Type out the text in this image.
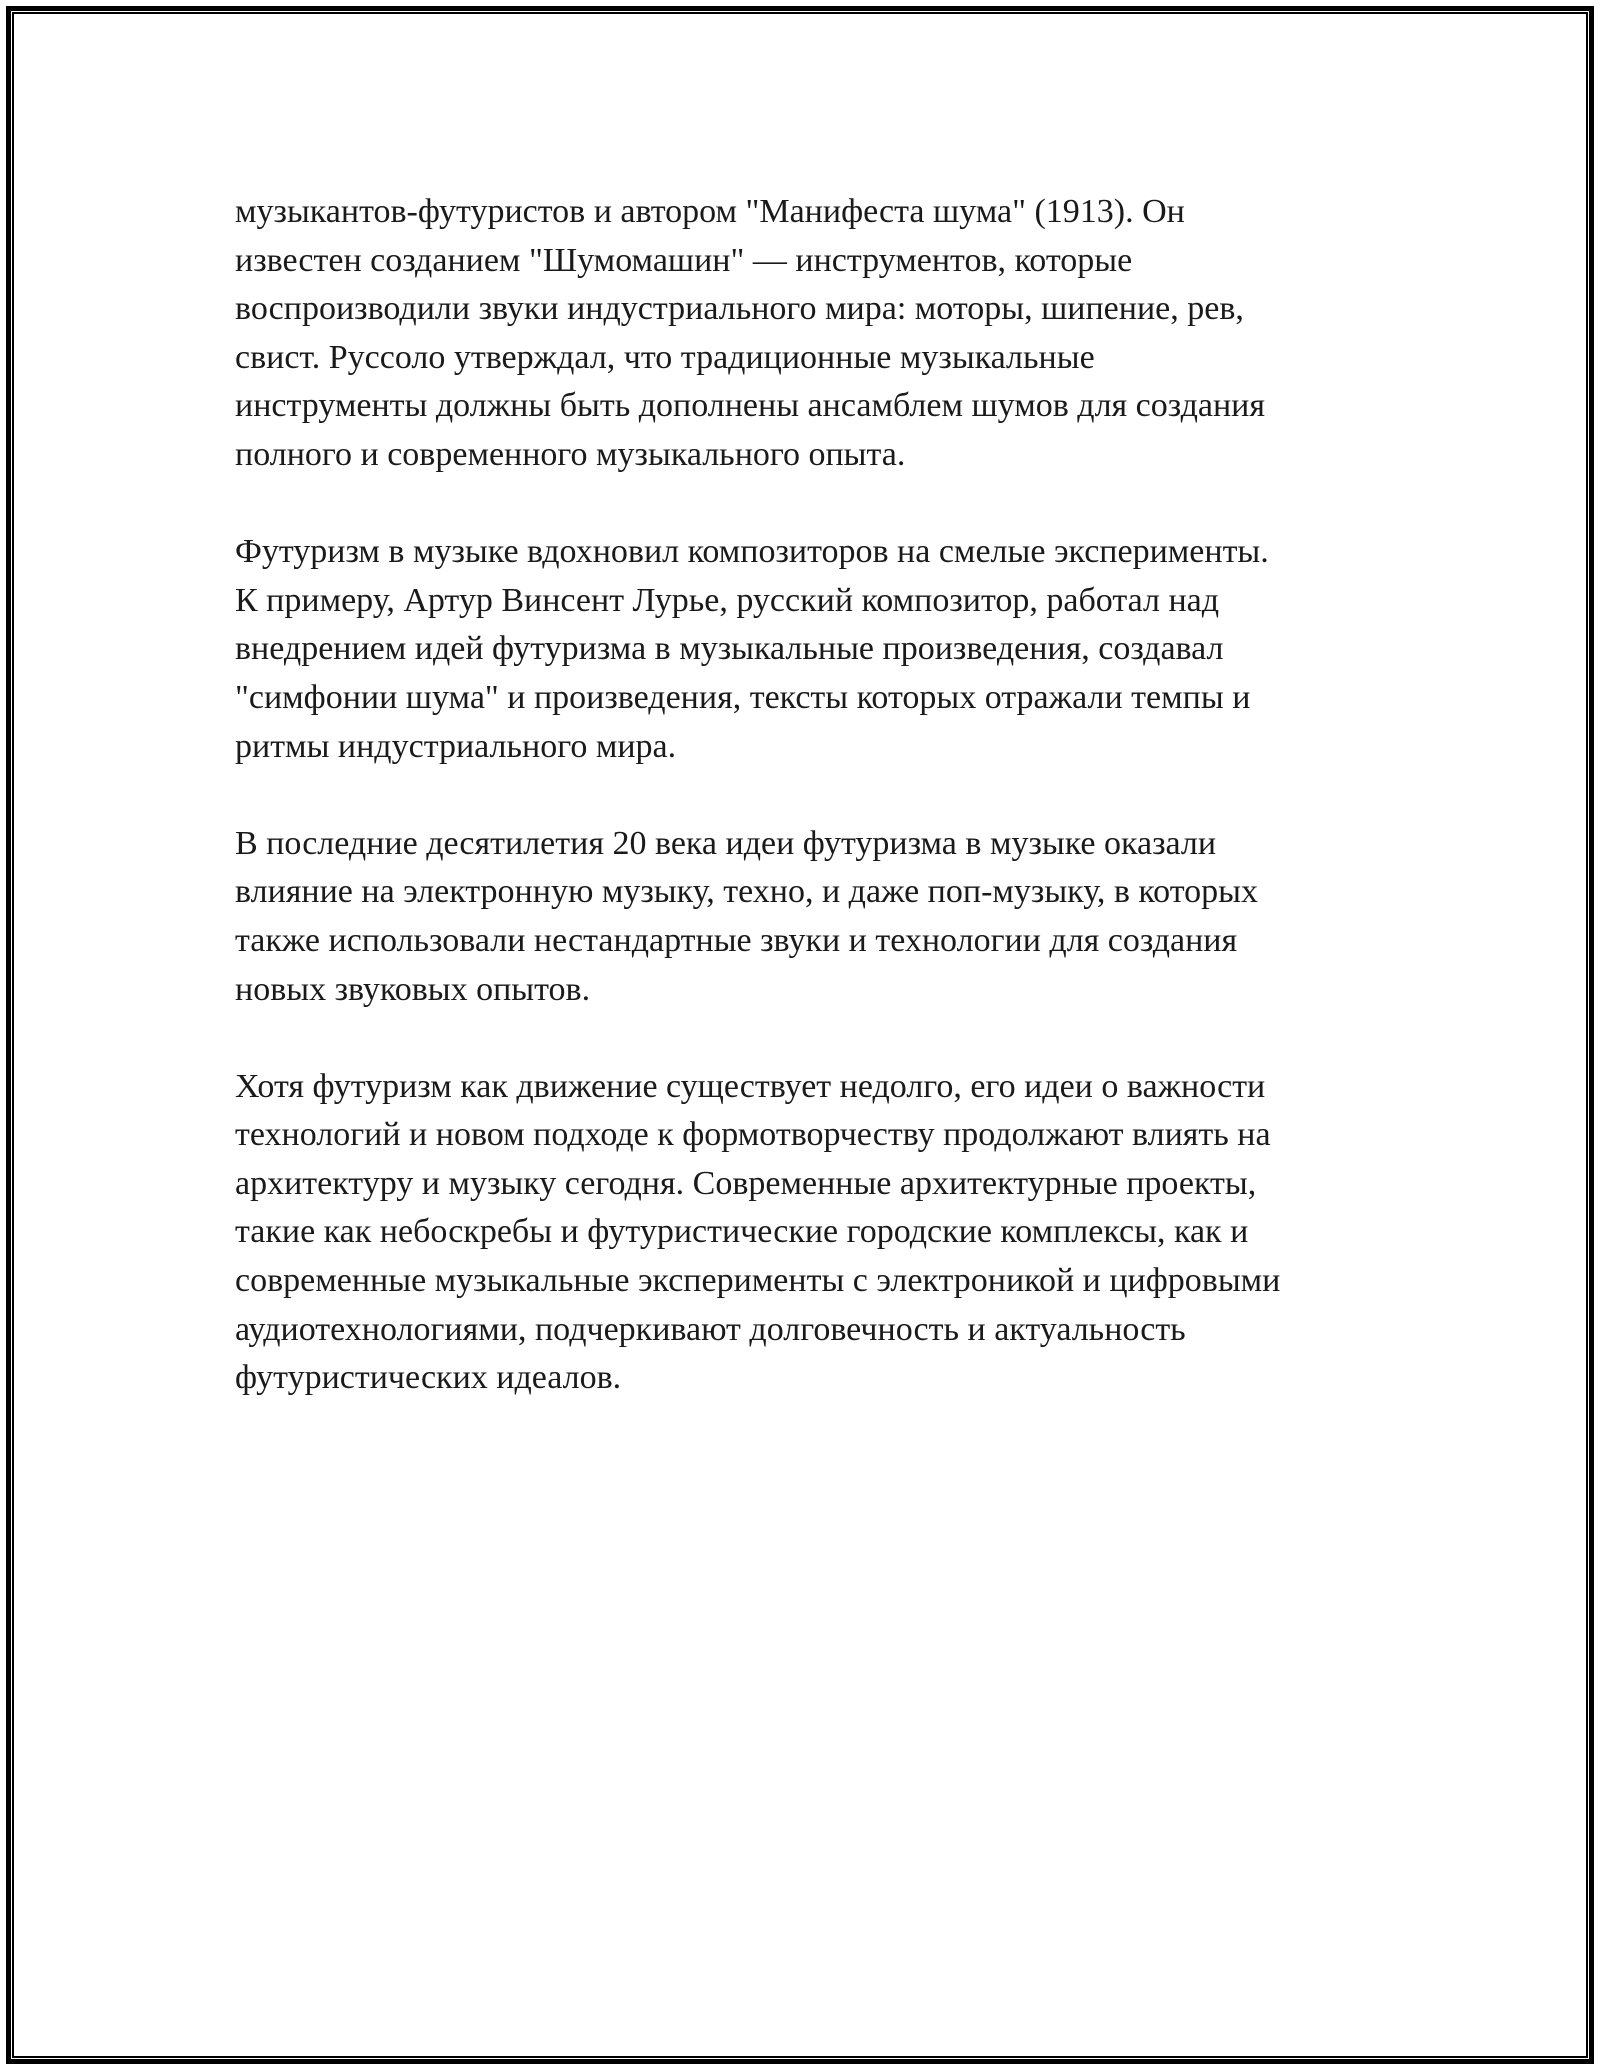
музыкантов-футуристов и автором "Манифеста шума" (1913). Он
известен созданием "Шумомашин" — инструментов, которые
воспроизводили звуки индустриального мира: моторы, шипение, рев,
свист. Руссоло утверждал, что традиционные музыкальные
инструменты должны быть дополнены ансамблем шумов для создания
полного и современного музыкального опыта.

Футуризм в музыке вдохновил композиторов на смелые эксперименты.
К примеру, Артур Винсент Лурье, русский композитор, работал над
внедрением идей футуризма в музыкальные произведения, создавал
"симфонии шума" и произведения, тексты которых отражали темпы и
ритмы индустриального мира.

В последние десятилетия 20 века идеи футуризма в музыке оказали
влияние на электронную музыку, техно, и даже поп-музыку, в которых
также использовали нестандартные звуки и технологии для создания
новых звуковых опытов.

Хотя футуризм как движение существует недолго, его идеи о важности
технологий и новом подходе к формотворчеству продолжают влиять на
архитектуру и музыку сегодня. Современные архитектурные проекты,
такие как небоскребы и футуристические городские комплексы, как и
современные музыкальные эксперименты с электроникой и цифровыми
аудиотехнологиями, подчеркивают долговечность и актуальность
футуристических идеалов.
